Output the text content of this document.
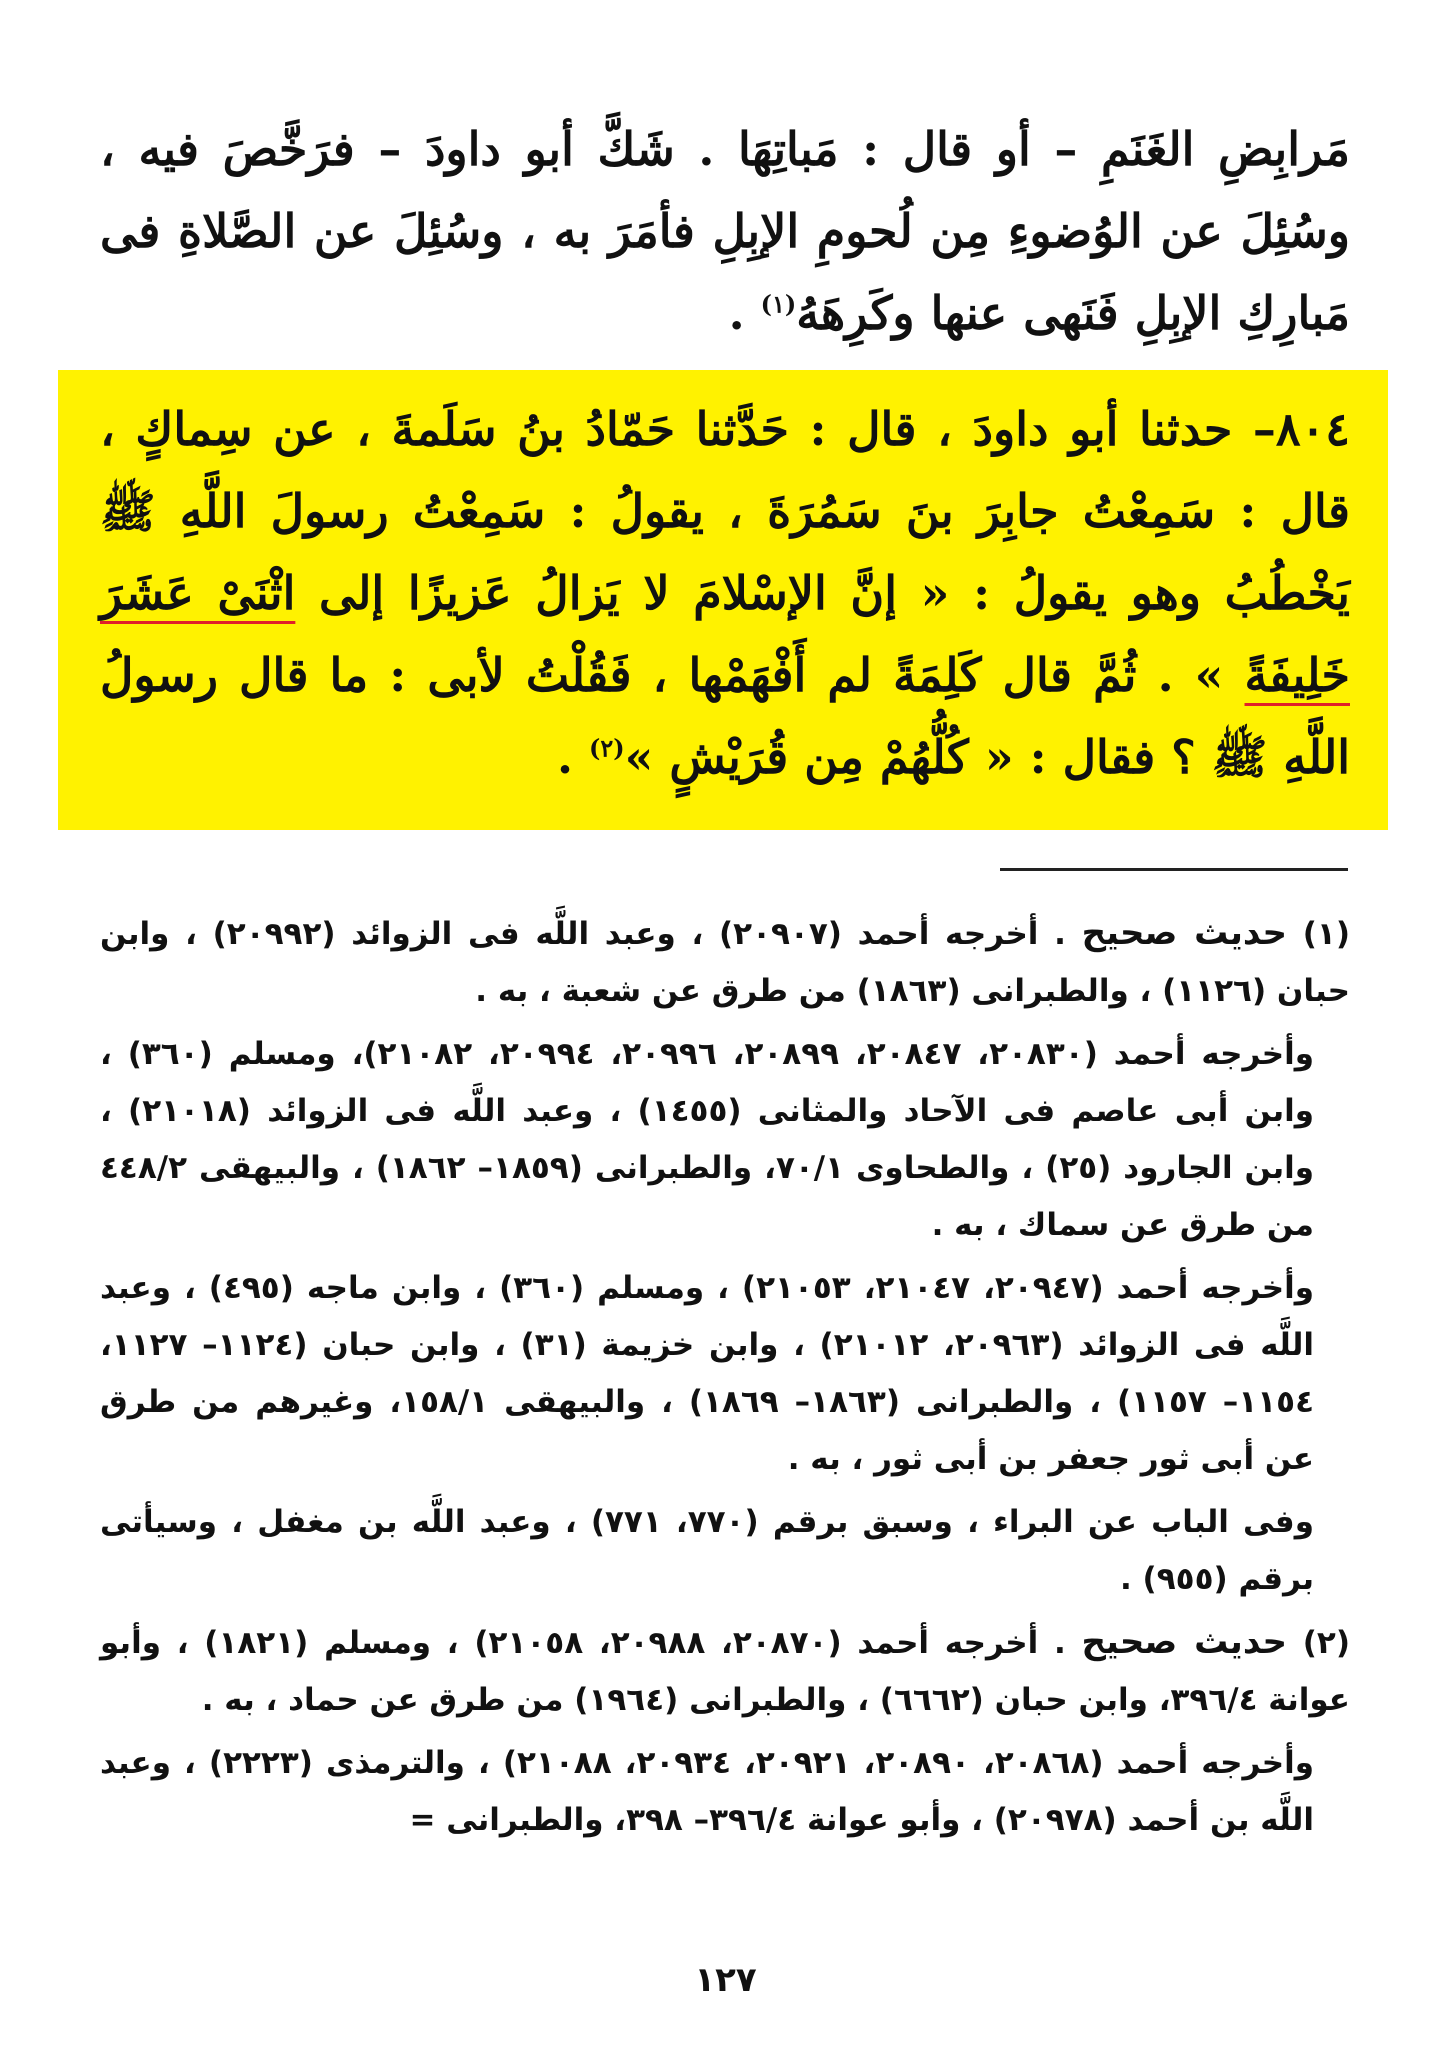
مَرابِضِ الغَنَمِ – أو قال : مَباتِهَا . شَكَّ أبو داودَ – فرَخَّصَ فيه ، وسُئِلَ عن الوُضوءِ مِن لُحومِ الإبِلِ فأمَرَ به ، وسُئِلَ عن الصَّلاةِ فى مَبارِكِ الإبِلِ فَنَهى عنها وكَرِهَهُ$^{(١)}$ .

٨٠٤– حدثنا أبو داودَ ، قال : حَدَّثنا حَمّادُ بنُ سَلَمةَ ، عن سِماكٍ ، قال : سَمِعْتُ جابِرَ بنَ سَمُرَةَ ، يقولُ : سَمِعْتُ رسولَ اللَّهِ ﷺ يَخْطُبُ وهو يقولُ : « إنَّ الإسْلامَ لا يَزالُ عَزيزًا إلى اثْنَىْ عَشَرَ خَلِيفَةً » . ثُمَّ قال كَلِمَةً لم أَفْهَمْها ، فَقُلْتُ لأبى : ما قال رسولُ اللَّهِ ﷺ ؟ فقال : « كُلُّهُمْ مِن قُرَيْشٍ »$^{(٢)}$ .

(١) حديث صحيح . أخرجه أحمد (٢٠٩٠٧) ، وعبد اللَّه فى الزوائد (٢٠٩٩٢) ، وابن حبان (١١٢٦) ، والطبرانى (١٨٦٣) من طرق عن شعبة ، به .

وأخرجه أحمد (٢٠٨٣٠، ٢٠٨٤٧، ٢٠٨٩٩، ٢٠٩٩٦، ٢٠٩٩٤، ٢١٠٨٢)، ومسلم (٣٦٠) ، وابن أبى عاصم فى الآحاد والمثانى (١٤٥٥) ، وعبد اللَّه فى الزوائد (٢١٠١٨) ، وابن الجارود (٢٥) ، والطحاوى ٧٠/١، والطبرانى (١٨٥٩– ١٨٦٢) ، والبيهقى ٤٤٨/٢ من طرق عن سماك ، به .

وأخرجه أحمد (٢٠٩٤٧، ٢١٠٤٧، ٢١٠٥٣) ، ومسلم (٣٦٠) ، وابن ماجه (٤٩٥) ، وعبد اللَّه فى الزوائد (٢٠٩٦٣، ٢١٠١٢) ، وابن خزيمة (٣١) ، وابن حبان (١١٢٤– ١١٢٧، ١١٥٤– ١١٥٧) ، والطبرانى (١٨٦٣– ١٨٦٩) ، والبيهقى ١٥٨/١، وغيرهم من طرق عن أبى ثور جعفر بن أبى ثور ، به .

وفى الباب عن البراء ، وسبق برقم (٧٧٠، ٧٧١) ، وعبد اللَّه بن مغفل ، وسيأتى برقم (٩٥٥) .

(٢) حديث صحيح . أخرجه أحمد (٢٠٨٧٠، ٢٠٩٨٨، ٢١٠٥٨) ، ومسلم (١٨٢١) ، وأبو عوانة ٣٩٦/٤، وابن حبان (٦٦٦٢) ، والطبرانى (١٩٦٤) من طرق عن حماد ، به .

وأخرجه أحمد (٢٠٨٦٨، ٢٠٨٩٠، ٢٠٩٢١، ٢٠٩٣٤، ٢١٠٨٨) ، والترمذى (٢٢٢٣) ، وعبد اللَّه بن أحمد (٢٠٩٧٨) ، وأبو عوانة ٣٩٦/٤– ٣٩٨، والطبرانى =

١٢٧
